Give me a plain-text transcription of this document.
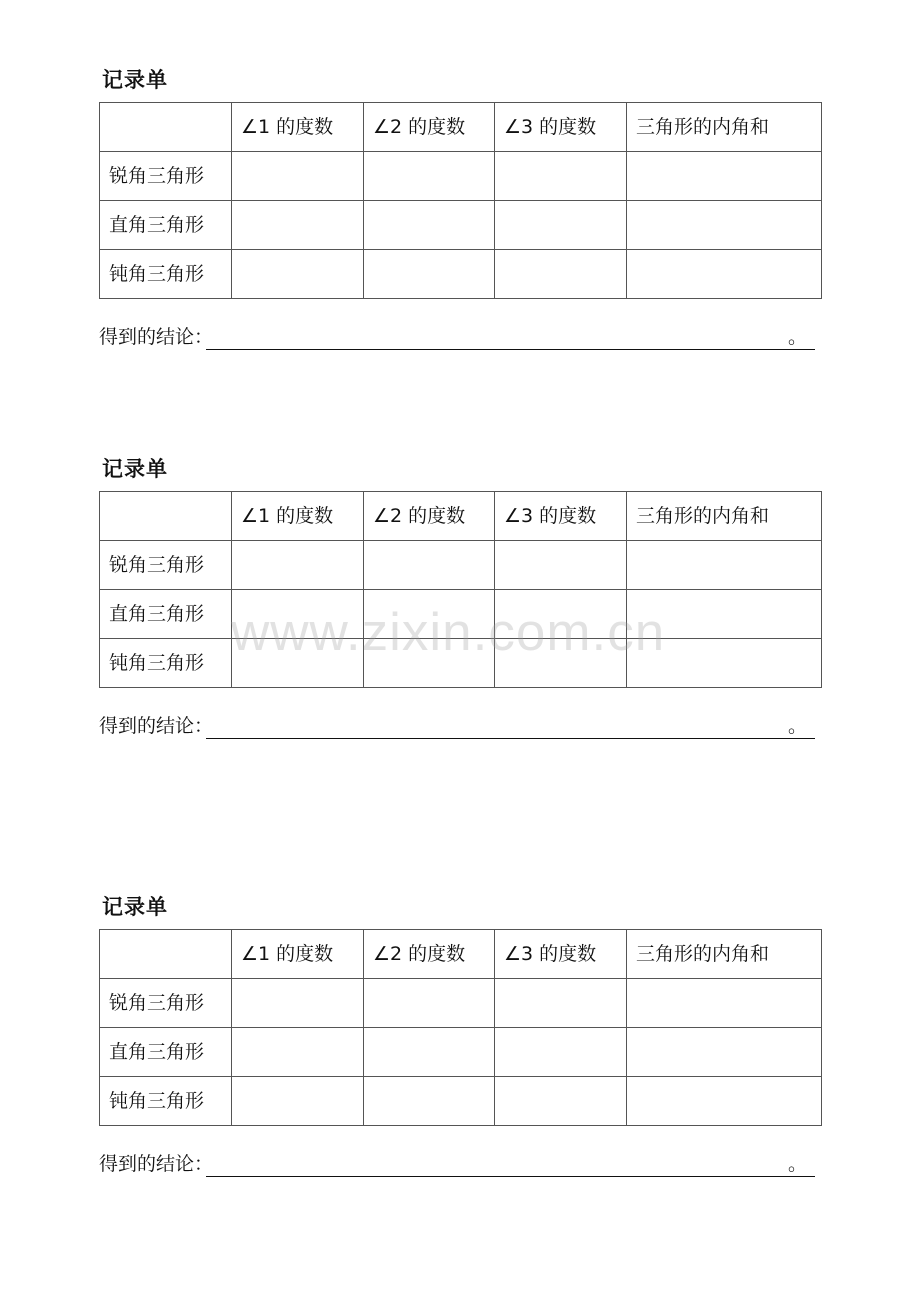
记录单
	∠1 的度数	∠2 的度数	∠3 的度数	三角形的内角和
锐角三角形				
直角三角形				
钝角三角形				
得到的结论：	。
记录单
	∠1 的度数	∠2 的度数	∠3 的度数	三角形的内角和
锐角三角形				
直角三角形				
钝角三角形				
得到的结论：	。
记录单
	∠1 的度数	∠2 的度数	∠3 的度数	三角形的内角和
锐角三角形				
直角三角形				
钝角三角形				
得到的结论：	。
www.zixin.com.cn
